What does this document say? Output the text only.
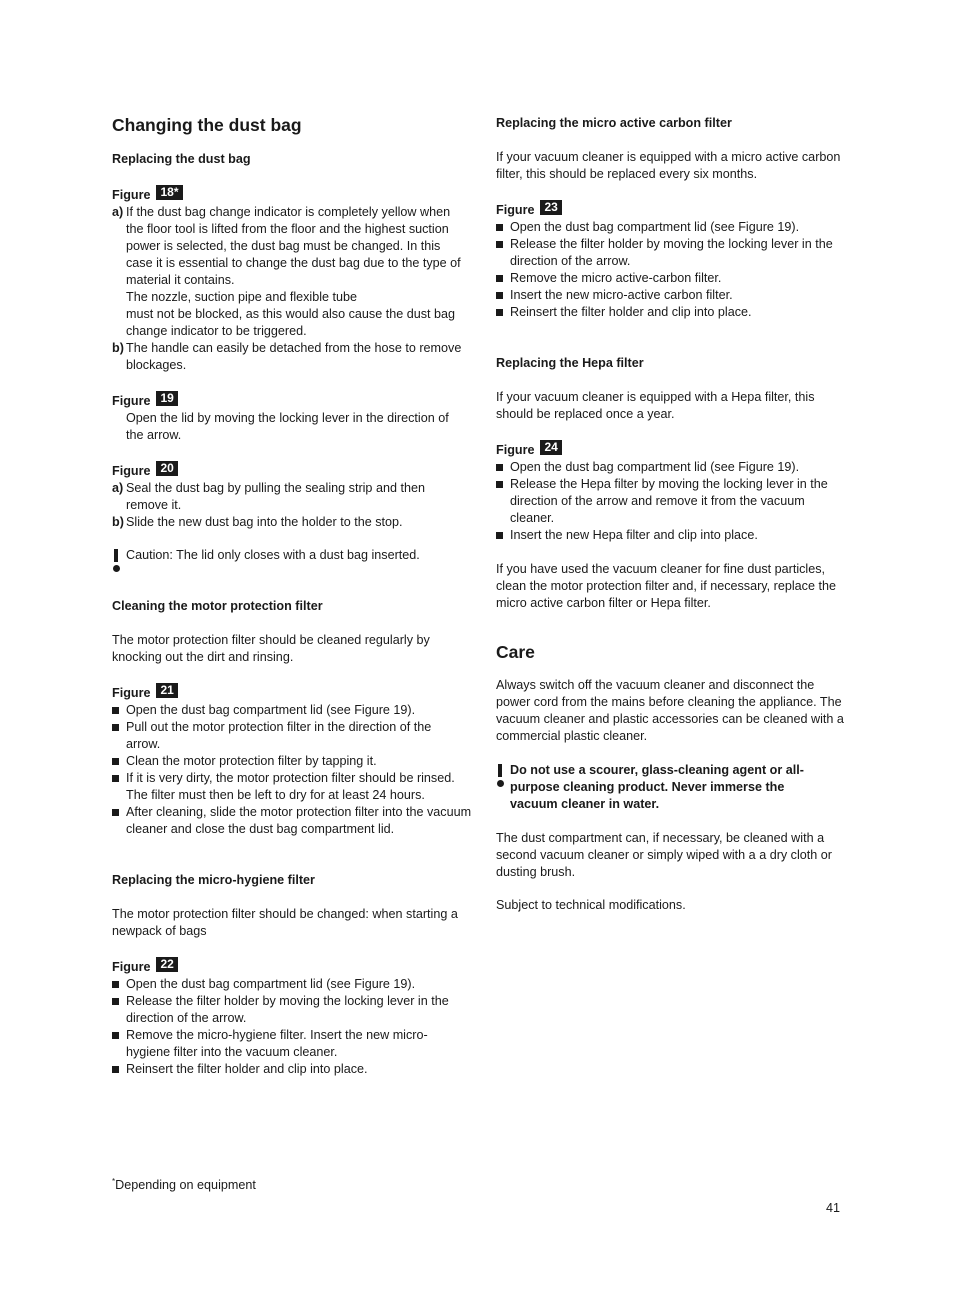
Changing the dust bag
Replacing the dust bag
Figure 18*
a) If the dust bag change indicator is completely yellow when the floor tool is lifted from the floor and the highest suction power is selected, the dust bag must be changed. In this case it is essential to change the dust bag due to the type of material it contains.

The nozzle, suction pipe and flexible tube

must not be blocked, as this would also cause the dust bag change indicator to be triggered.

b) The handle can easily be detached from the hose to remove blockages.

Figure 19

Open the lid by moving the locking lever in the direction of the arrow.

Figure 20
a) Seal the dust bag by pulling the sealing strip and then remove it.

b) Slide the new dust bag into the holder to the stop.

Caution: The lid only closes with a dust bag inserted.

Cleaning the motor protection filter

The motor protection filter should be cleaned regularly by knocking out the dirt and rinsing.

Figure 21
Open the dust bag compartment lid (see Figure 19).
Pull out the motor protection filter in the direction of the arrow.
Clean the motor protection filter by tapping it.
If it is very dirty, the motor protection filter should be rinsed.

The filter must then be left to dry for at least 24 hours.

After cleaning, slide the motor protection filter into the vacuum cleaner and close the dust bag compartment lid.
Replacing the micro-hygiene filter

The motor protection filter should be changed: when starting a newpack of bags

Figure 22
Open the dust bag compartment lid (see Figure 19).
Release the filter holder by moving the locking lever in the direction of the arrow.
Remove the micro-hygiene filter. Insert the new micro-hygiene filter into the vacuum cleaner.
Reinsert the filter holder and clip into place.
Replacing the micro active carbon filter

If your vacuum cleaner is equipped with a micro active carbon filter, this should be replaced every six months.

Figure 23
Open the dust bag compartment lid (see Figure 19).
Release the filter holder by moving the locking lever in the direction of the arrow.
Remove the micro active-carbon filter.
Insert the new micro-active carbon filter.
Reinsert the filter holder and clip into place.
Replacing the Hepa filter

If your vacuum cleaner is equipped with a Hepa filter, this should be replaced once a year.

Figure 24
Open the dust bag compartment lid (see Figure 19).
Release the Hepa filter by moving the locking lever in the direction of the arrow and remove it from the vacuum cleaner.
Insert the new Hepa filter and clip into place.

If you have used the vacuum cleaner for fine dust particles, clean the motor protection filter and, if necessary, replace the micro active carbon filter or Hepa filter.

Care

Always switch off the vacuum cleaner and disconnect the power cord from the mains before cleaning the appliance. The vacuum cleaner and plastic accessories can be cleaned with a commercial plastic cleaner.

Do not use a scourer, glass-cleaning agent or all-purpose cleaning product. Never immerse the vacuum cleaner in water.

The dust compartment can, if necessary, be cleaned with a second vacuum cleaner or simply wiped with a a dry cloth or dusting brush.

Subject to technical modifications.

*Depending on equipment
41
